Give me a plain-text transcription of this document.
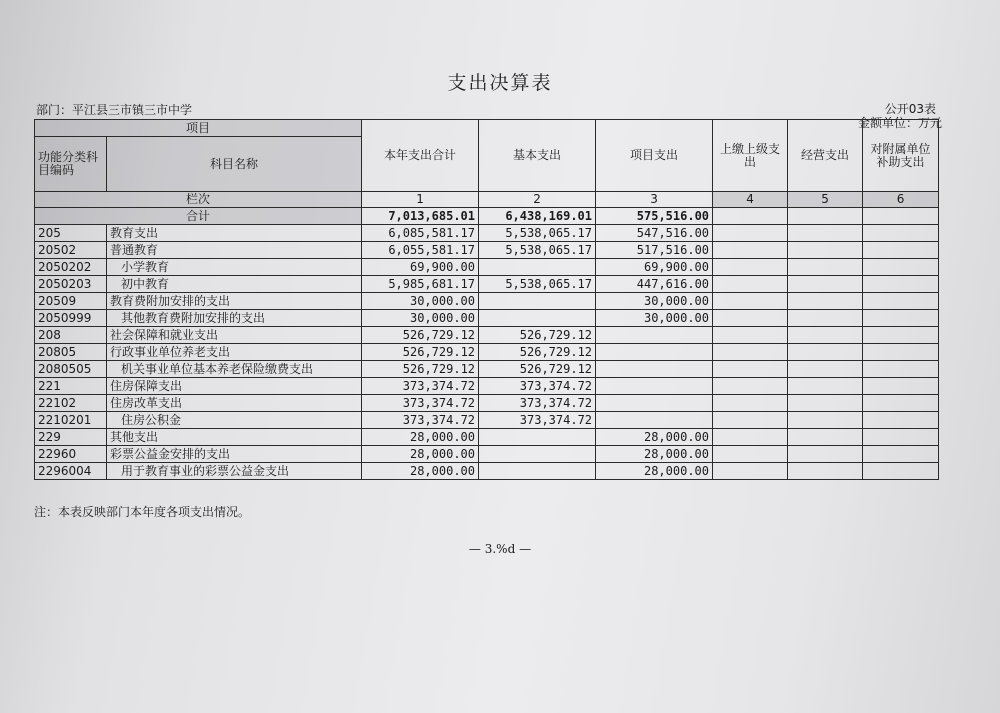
支出决算表
部门：平江县三市镇三市中学	公开03表
金额单位：万元
项目		本年支出合计	基本支出	项目支出	上缴上级支出	经营支出	对附属单位补助支出
功能分类科目编码	科目名称						
栏次		1	2	3	4	5	6
合计		7,013,685.01	6,438,169.01	575,516.00			
205	教育支出	6,085,581.17	5,538,065.17	547,516.00			
20502	普通教育	6,055,581.17	5,538,065.17	517,516.00			
2050202	小学教育	69,900.00		69,900.00			
2050203	初中教育	5,985,681.17	5,538,065.17	447,616.00			
20509	教育费附加安排的支出	30,000.00		30,000.00			
2050999	其他教育费附加安排的支出	30,000.00		30,000.00			
208	社会保障和就业支出	526,729.12	526,729.12				
20805	行政事业单位养老支出	526,729.12	526,729.12				
2080505	机关事业单位基本养老保险缴费支出	526,729.12	526,729.12				
221	住房保障支出	373,374.72	373,374.72				
22102	住房改革支出	373,374.72	373,374.72				
2210201	住房公积金	373,374.72	373,374.72				
229	其他支出	28,000.00		28,000.00			
22960	彩票公益金安排的支出	28,000.00		28,000.00			
2296004	用于教育事业的彩票公益金支出	28,000.00		28,000.00			
注：本表反映部门本年度各项支出情况。
— 3.%d —
